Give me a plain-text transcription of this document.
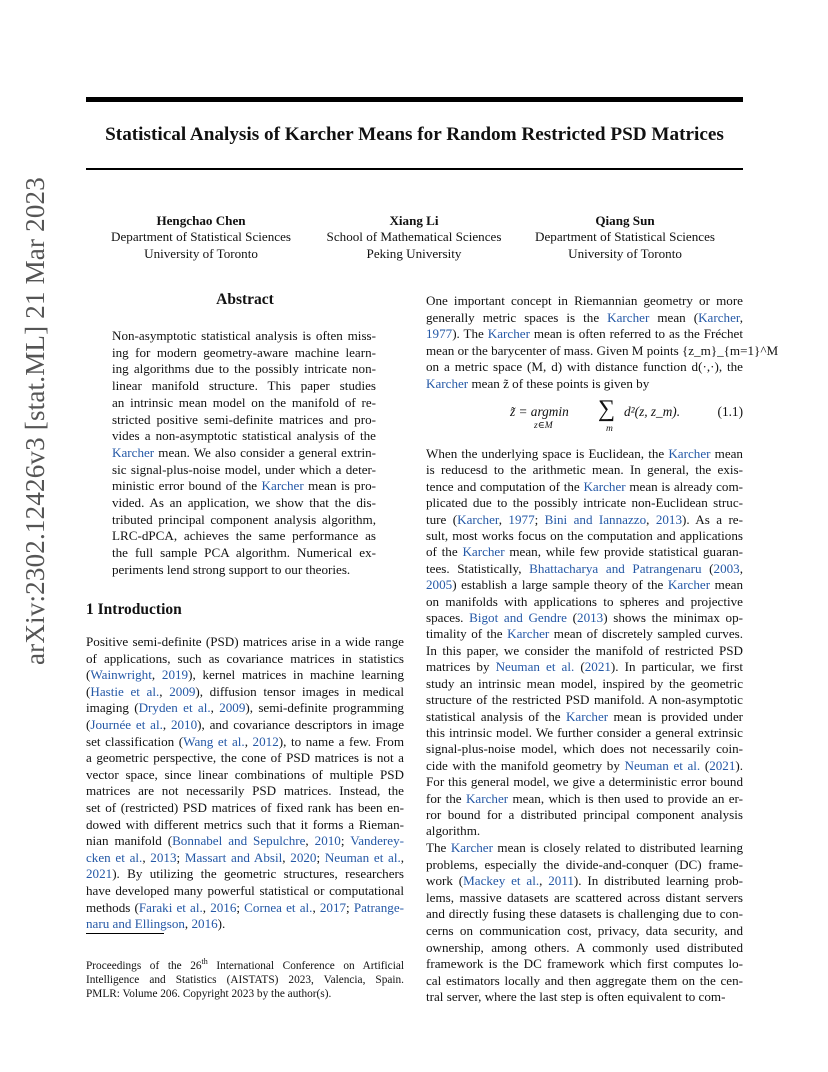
Statistical Analysis of Karcher Means for Random Restricted PSD Matrices
arXiv:2302.12426v3 [stat.ML] 21 Mar 2023	Hengchao Chen
Department of Statistical Sciences
University of Toronto
Xiang Li
School of Mathematical Sciences
Peking University
Qiang Sun
Department of Statistical Sciences
University of Toronto
Abstract
Non-asymptotic statistical analysis is often miss-
ing for modern geometry-aware machine learn-
ing algorithms due to the possibly intricate non-
linear manifold structure. This paper studies
an intrinsic mean model on the manifold of re-
stricted positive semi-definite matrices and pro-
vides a non-asymptotic statistical analysis of the
Karcher mean. We also consider a general extrin-
sic signal-plus-noise model, under which a deter-
ministic error bound of the Karcher mean is pro-
vided. As an application, we show that the dis-
tributed principal component analysis algorithm,
LRC-dPCA, achieves the same performance as
the full sample PCA algorithm. Numerical ex-
periments lend strong support to our theories.
1 Introduction
Positive semi-definite (PSD) matrices arise in a wide range
of applications, such as covariance matrices in statistics
(Wainwright, 2019), kernel matrices in machine learning
(Hastie et al., 2009), diffusion tensor images in medical
imaging (Dryden et al., 2009), semi-definite programming
(Journée et al., 2010), and covariance descriptors in image
set classification (Wang et al., 2012), to name a few. From
a geometric perspective, the cone of PSD matrices is not a
vector space, since linear combinations of multiple PSD
matrices are not necessarily PSD matrices. Instead, the
set of (restricted) PSD matrices of fixed rank has been en-
dowed with different metrics such that it forms a Rieman-
nian manifold (Bonnabel and Sepulchre, 2010; Vanderey-
cken et al., 2013; Massart and Absil, 2020; Neuman et al.,
2021). By utilizing the geometric structures, researchers
have developed many powerful statistical or computational
methods (Faraki et al., 2016; Cornea et al., 2017; Patrange-
naru and Ellingson, 2016).
Proceedings of the 26th International Conference on Artificial
Intelligence and Statistics (AISTATS) 2023, Valencia, Spain.
PMLR: Volume 206. Copyright 2023 by the author(s).
One important concept in Riemannian geometry or more
generally metric spaces is the Karcher mean (Karcher,
1977). The Karcher mean is often referred to as the Fréchet
mean or the barycenter of mass. Given M points {z_m}_{m=1}^M
on a metric space (M, d) with distance function d(·,·), the
Karcher mean z̃ of these points is given by
z̃ = argmin
z∈M
∑
m
d²(z, z_m).	(1.1)
When the underlying space is Euclidean, the Karcher mean
is reducesd to the arithmetic mean. In general, the exis-
tence and computation of the Karcher mean is already com-
plicated due to the possibly intricate non-Euclidean struc-
ture (Karcher, 1977; Bini and Iannazzo, 2013). As a re-
sult, most works focus on the computation and applications
of the Karcher mean, while few provide statistical guaran-
tees. Statistically, Bhattacharya and Patrangenaru (2003,
2005) establish a large sample theory of the Karcher mean
on manifolds with applications to spheres and projective
spaces. Bigot and Gendre (2013) shows the minimax op-
timality of the Karcher mean of discretely sampled curves.
In this paper, we consider the manifold of restricted PSD
matrices by Neuman et al. (2021). In particular, we first
study an intrinsic mean model, inspired by the geometric
structure of the restricted PSD manifold. A non-asymptotic
statistical analysis of the Karcher mean is provided under
this intrinsic model. We further consider a general extrinsic
signal-plus-noise model, which does not necessarily coin-
cide with the manifold geometry by Neuman et al. (2021).
For this general model, we give a deterministic error bound
for the Karcher mean, which is then used to provide an er-
ror bound for a distributed principal component analysis
algorithm.
The Karcher mean is closely related to distributed learning
problems, especially the divide-and-conquer (DC) frame-
work (Mackey et al., 2011). In distributed learning prob-
lems, massive datasets are scattered across distant servers
and directly fusing these datasets is challenging due to con-
cerns on communication cost, privacy, data security, and
ownership, among others. A commonly used distributed
framework is the DC framework which first computes lo-
cal estimators locally and then aggregate them on the cen-
tral server, where the last step is often equivalent to com-
